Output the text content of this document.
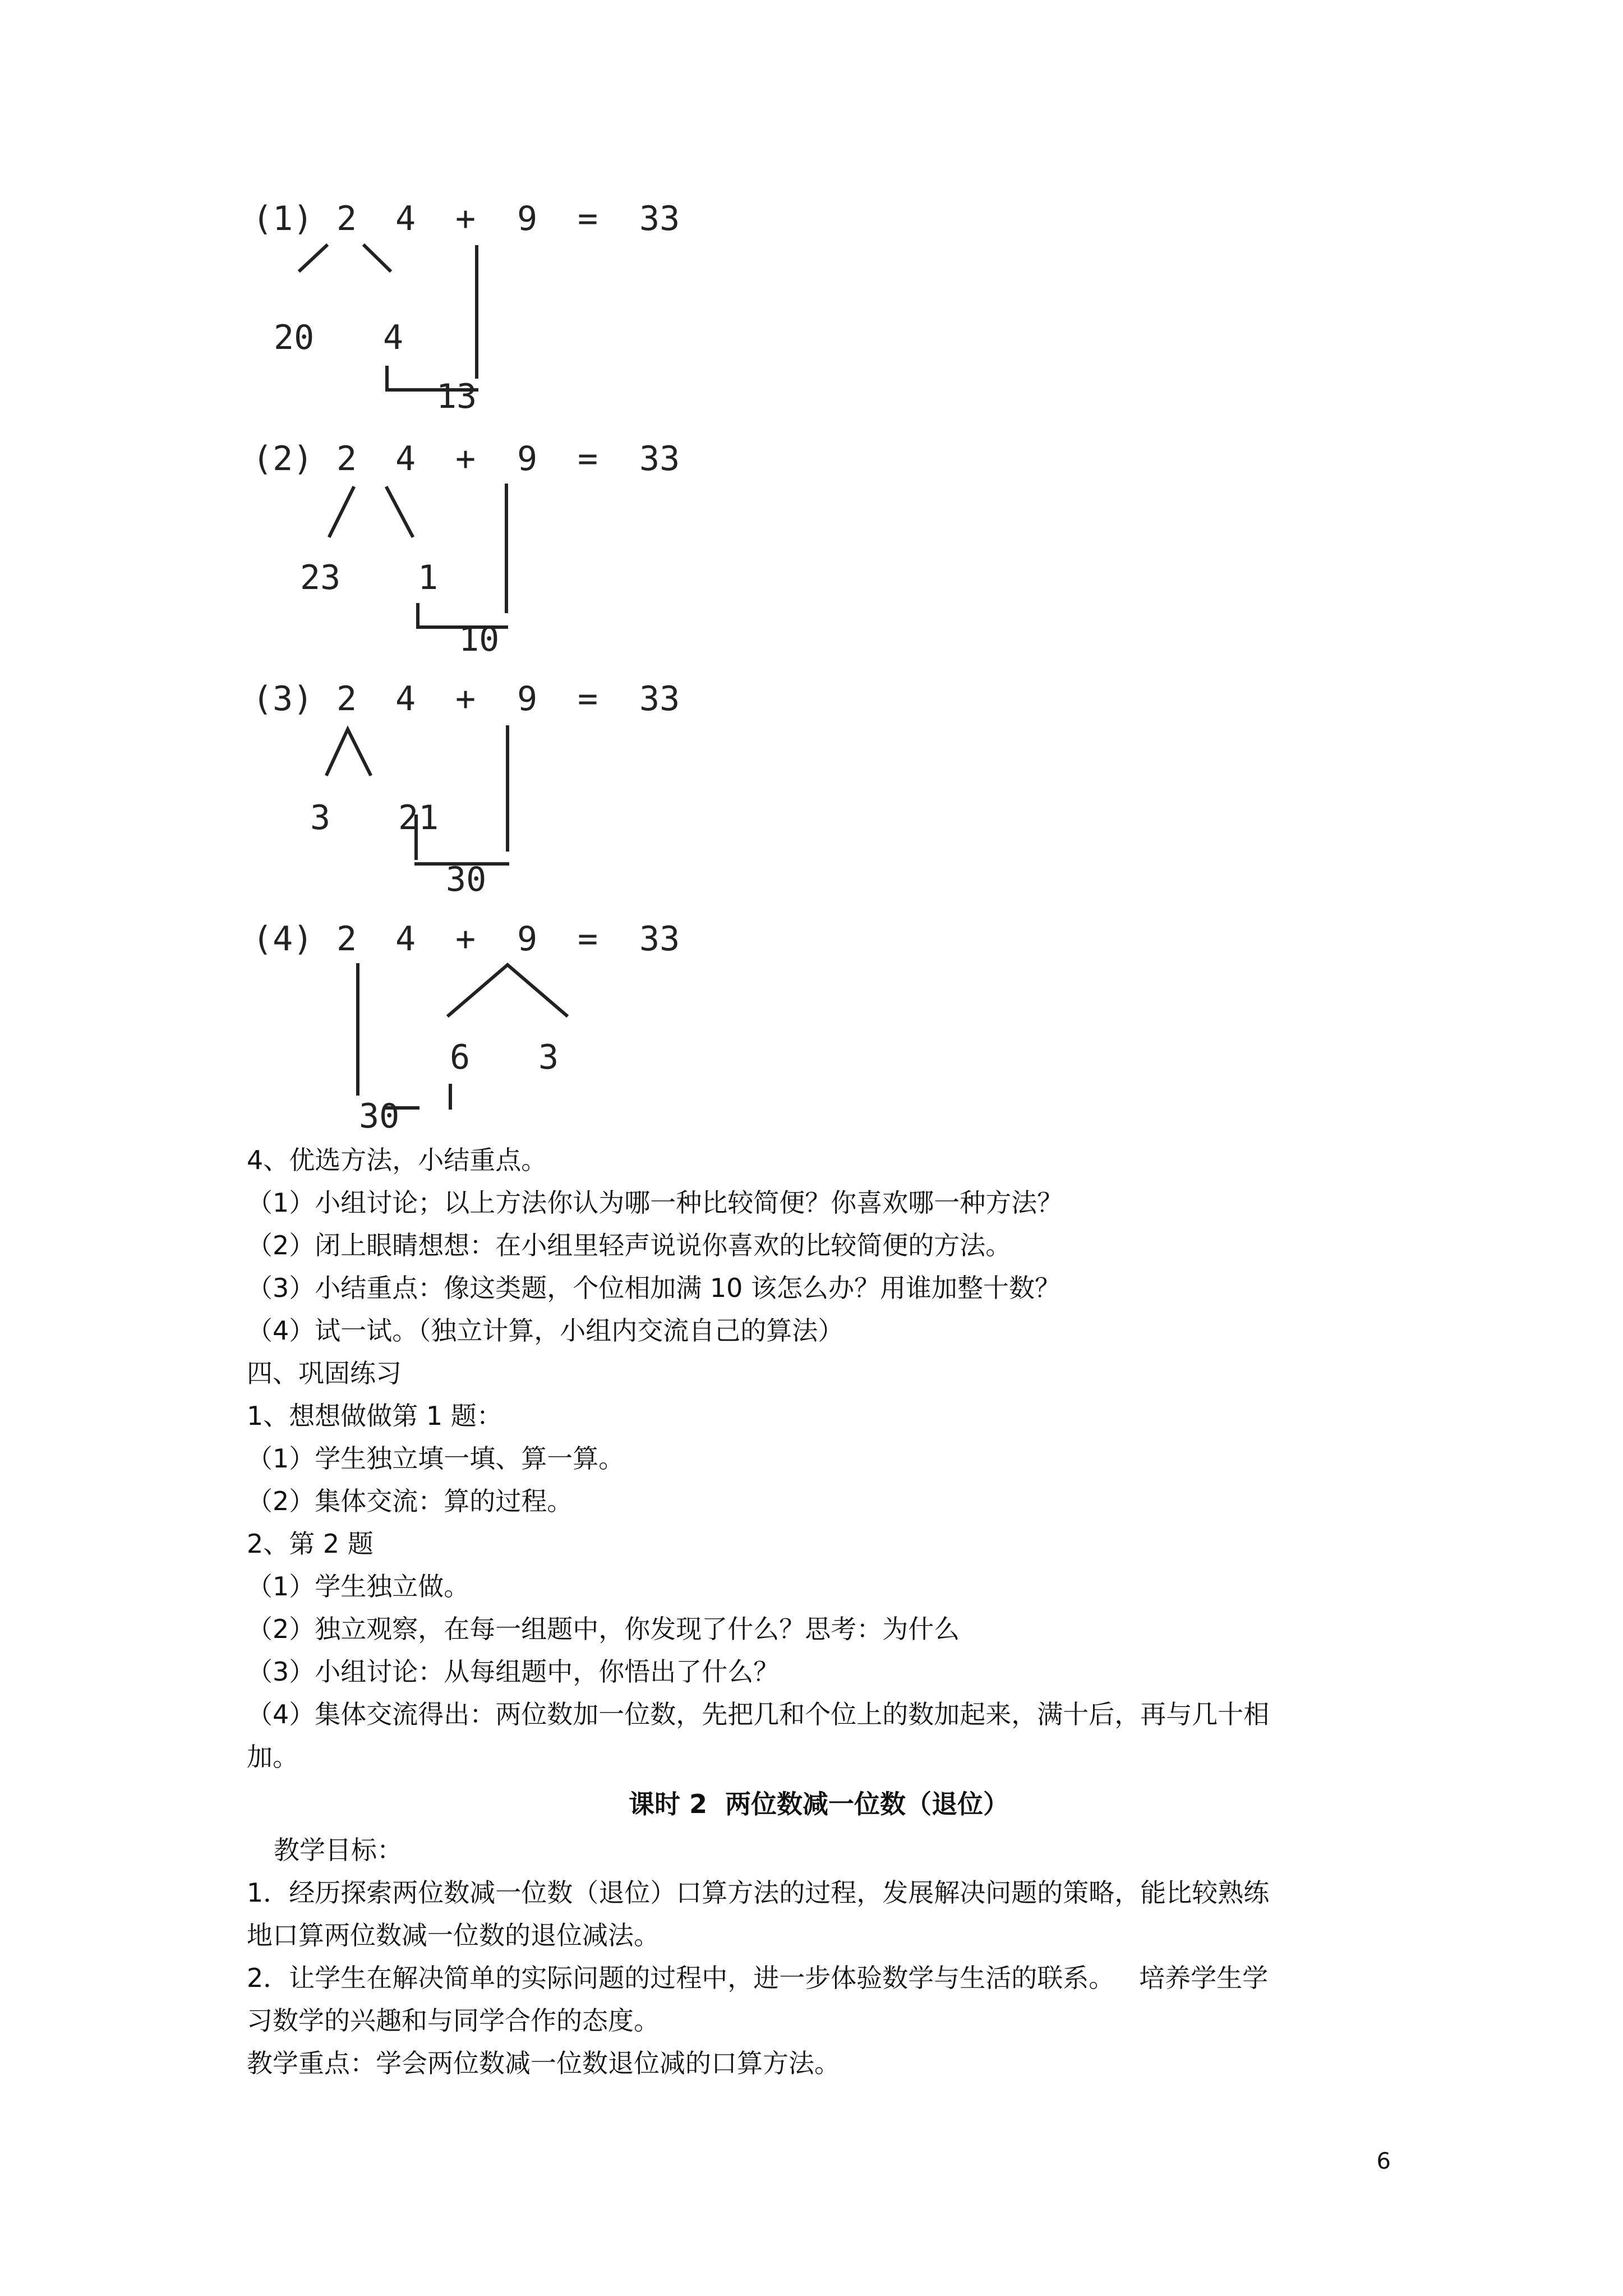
(1) 2 4 + 9 = 33
20 4
13
(2) 2 4 + 9 = 33
23 1
10
(3) 2 4 + 9 = 33
3 21
30
(4) 2 4 + 9 = 33
6 3
30
4、优选方法，小结重点。
（1）小组讨论；以上方法你认为哪一种比较简便？你喜欢哪一种方法？
（2）闭上眼睛想想：在小组里轻声说说你喜欢的比较简便的方法。
（3）小结重点：像这类题，个位相加满 10 该怎么办？用谁加整十数？
（4）试一试。（独立计算，小组内交流自己的算法）
四、巩固练习
1、想想做做第 1 题：
（1）学生独立填一填、算一算。
（2）集体交流：算的过程。
2、第 2 题
（1）学生独立做。
（2）独立观察，在每一组题中，你发现了什么？思考：为什么
（3）小组讨论：从每组题中，你悟出了什么？
（4）集体交流得出：两位数加一位数，先把几和个位上的数加起来，满十后，再与几十相
加。
课时 2  两位数减一位数（退位）
教学目标：
1．经历探索两位数减一位数（退位）口算方法的过程，发展解决问题的策略，能比较熟练
地口算两位数减一位数的退位减法。
2．让学生在解决简单的实际问题的过程中，进一步体验数学与生活的联系。   培养学生学
习数学的兴趣和与同学合作的态度。
教学重点：学会两位数减一位数退位减的口算方法。
6
